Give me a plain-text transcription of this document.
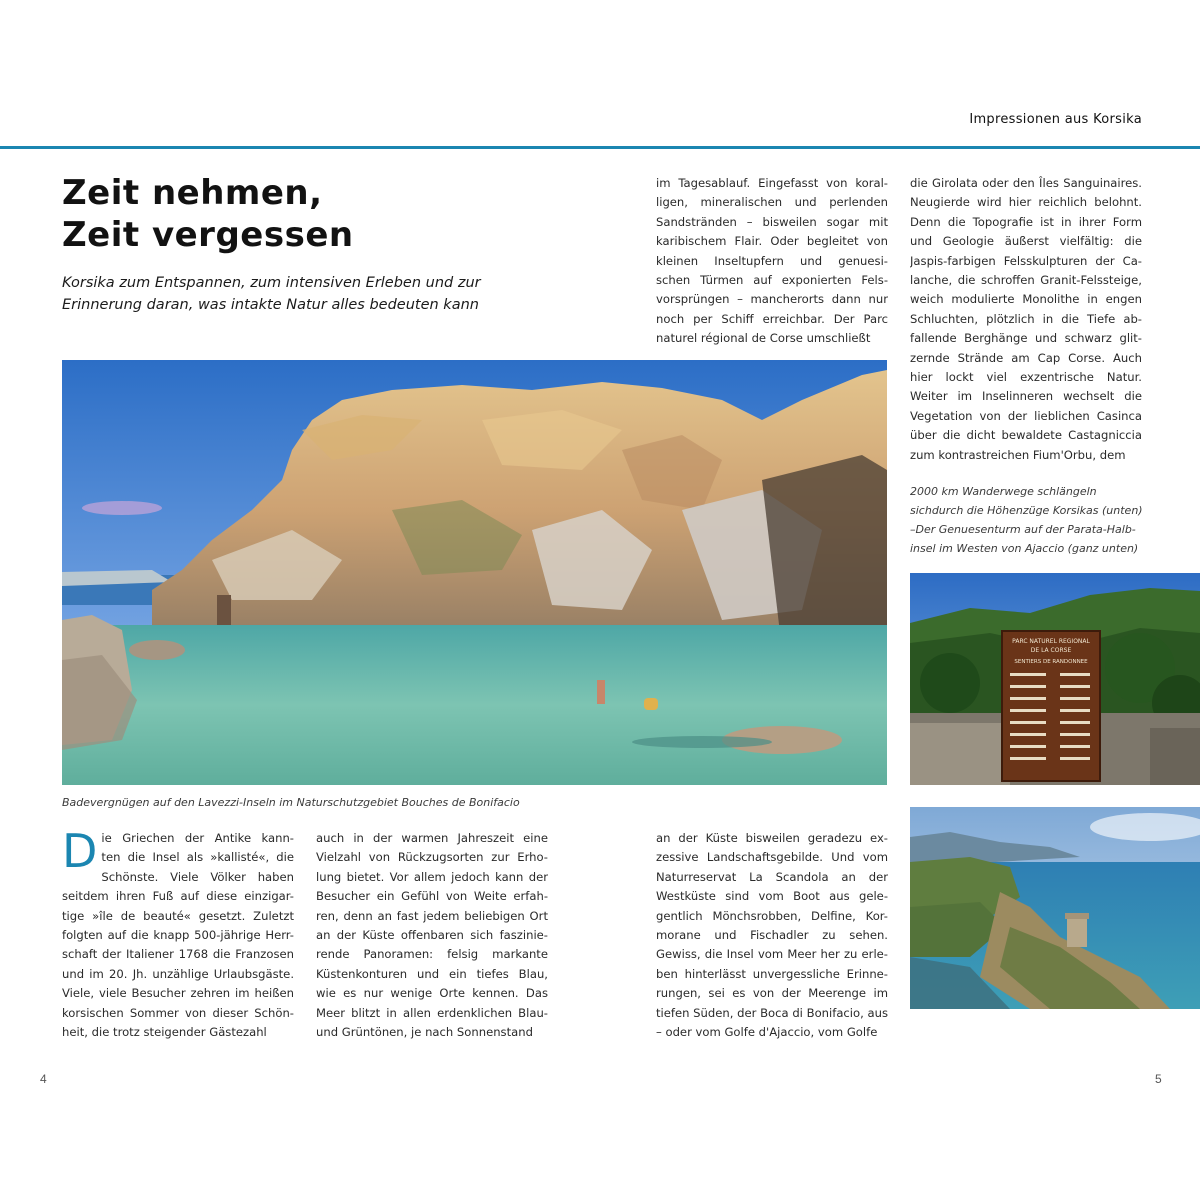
Impressionen aus Korsika
Zeit nehmen,
Zeit vergessen
Korsika zum Entspannen, zum intensiven Erleben und zur
Erinnerung daran, was intakte Natur alles bedeuten kann
im Tagesablauf. Eingefasst von koral-
ligen, mineralischen und perlenden
Sandstränden – bisweilen sogar mit
karibischem Flair. Oder begleitet von
kleinen Inseltupfern und genuesi-
schen Türmen auf exponierten Fels-
vorsprüngen – mancherorts dann nur
noch per Schiff erreichbar. Der Parc
naturel régional de Corse umschließt
die Girolata oder den Îles Sanguinaires.
Neugierde wird hier reichlich belohnt.
Denn die Topografie ist in ihrer Form
und Geologie äußerst vielfältig: die
Jaspis-farbigen Felsskulpturen der Ca-
lanche, die schroffen Granit-Felssteige,
weich modulierte Monolithe in engen
Schluchten, plötzlich in die Tiefe ab-
fallende Berghänge und schwarz glit-
zernde Strände am Cap Corse. Auch
hier lockt viel exzentrische Natur.
Weiter im Inselinneren wechselt die
Vegetation von der lieblichen Casinca
über die dicht bewaldete Castagniccia
zum kontrastreichen Fium'Orbu, dem
Badevergnügen auf den Lavezzi-Inseln im Naturschutzgebiet Bouches de Bonifacio
2000 km Wanderwege schlängeln sichdurch die Höhenzüge Korsikas (unten) –Der Genuesenturm auf der Parata-Halb-insel im Westen von Ajaccio (ganz unten)
PARC NATUREL REGIONAL
DE LA CORSE
SENTIERS DE RANDONNEE
D ie Griechen der Antike kann-
ten die Insel als »kallisté«, die
Schönste. Viele Völker haben
seitdem ihren Fuß auf diese einzigar-
tige »île de beauté« gesetzt. Zuletzt
folgten auf die knapp 500-jährige Herr-
schaft der Italiener 1768 die Franzosen
und im 20. Jh. unzählige Urlaubsgäste.
Viele, viele Besucher zehren im heißen
korsischen Sommer von dieser Schön-
heit, die trotz steigender Gästezahl
auch in der warmen Jahreszeit eine
Vielzahl von Rückzugsorten zur Erho-
lung bietet. Vor allem jedoch kann der
Besucher ein Gefühl von Weite erfah-
ren, denn an fast jedem beliebigen Ort
an der Küste offenbaren sich faszinie-
rende Panoramen: felsig markante
Küstenkonturen und ein tiefes Blau,
wie es nur wenige Orte kennen. Das
Meer blitzt in allen erdenklichen Blau-
und Grüntönen, je nach Sonnenstand
an der Küste bisweilen geradezu ex-
zessive Landschaftsgebilde. Und vom
Naturreservat La Scandola an der
Westküste sind vom Boot aus gele-
gentlich Mönchsrobben, Delfine, Kor-
morane und Fischadler zu sehen.
Gewiss, die Insel vom Meer her zu erle-
ben hinterlässt unvergessliche Erinne-
rungen, sei es von der Meerenge im
tiefen Süden, der Boca di Bonifacio, aus
– oder vom Golfe d'Ajaccio, vom Golfe
4	5
